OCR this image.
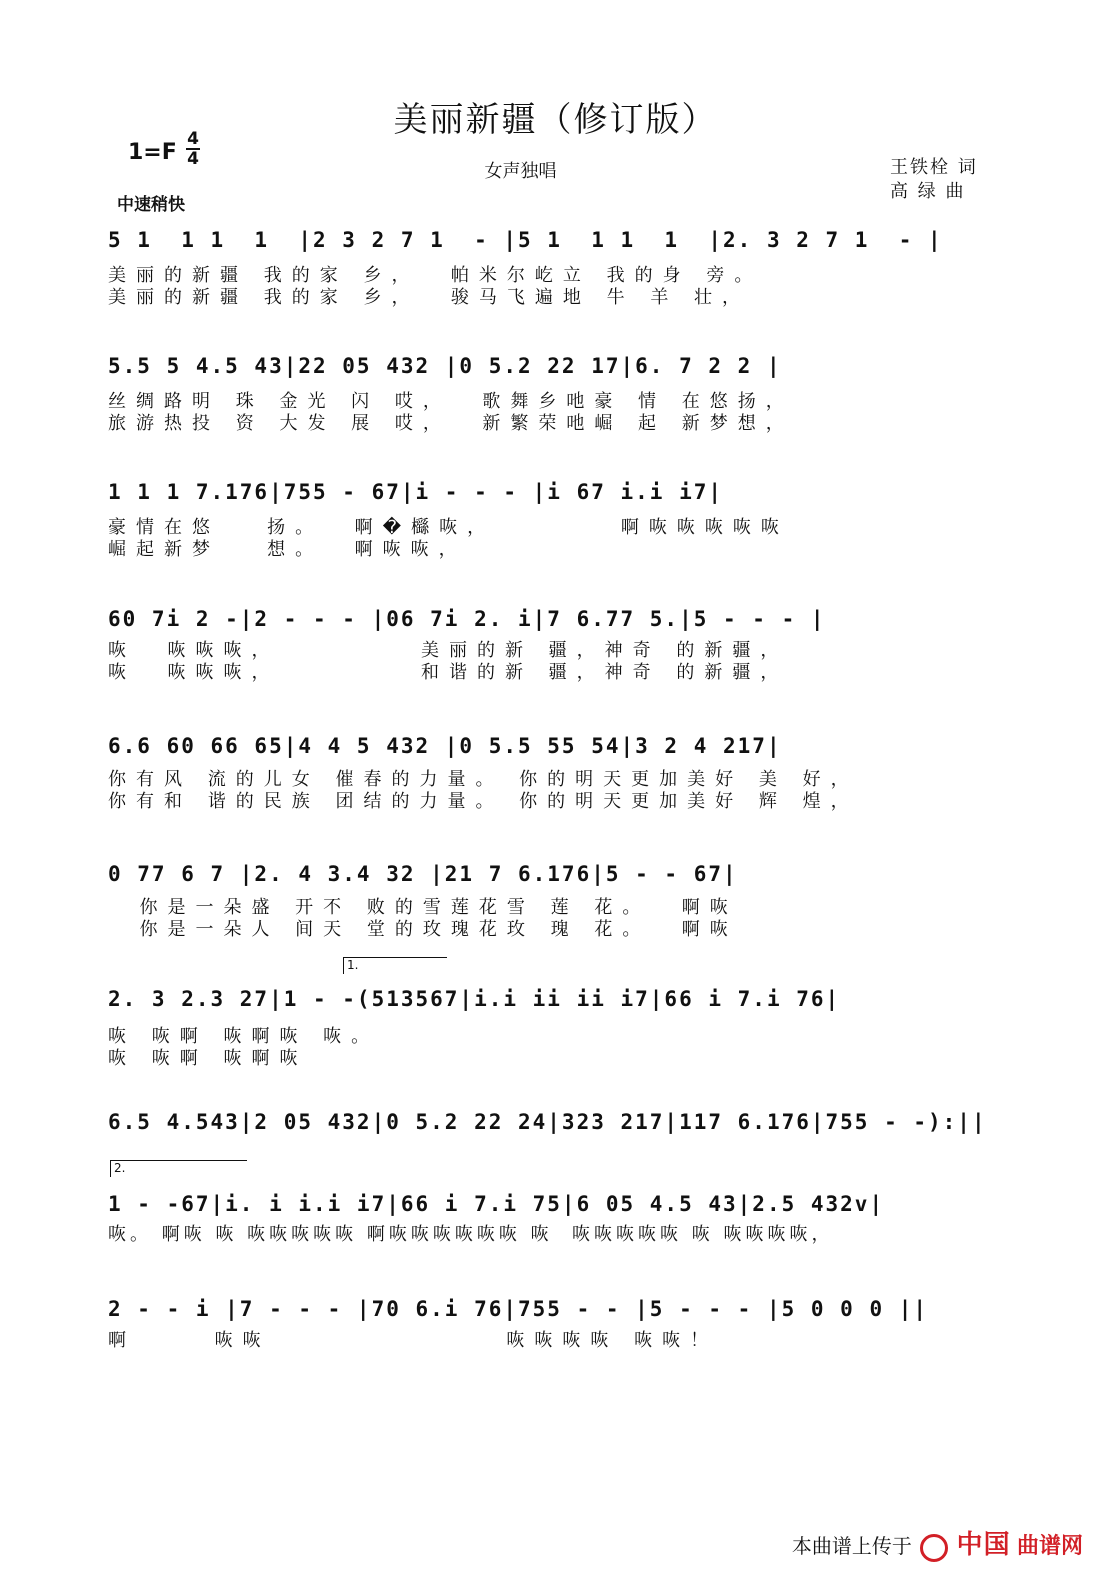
美丽新疆（修订版）
1=F
4
4
女声独唱	王铁栓 词
高 绿 曲
中速稍快
5 1  1 1  1  |2 3 2 7 1  - |5 1  1 1  1  |2. 3 2 7 1  - |
美丽的新疆 我的家 乡，  帕米尔屹立 我的身 旁。
美丽的新疆 我的家 乡，  骏马飞遍地 牛 羊 壮，
5.5 5 4.5 43|22 05 432 |0 5.2 22 17|6. 7 2 2 |
丝绸路明 珠 金光 闪 哎，  歌舞乡吔豪 情 在悠扬，
旅游热投 资 大发 展 哎，  新繁荣吔崛 起 新梦想，
1 1 1 7.176|755 - 67|i - - - |i 67 i.i i7|
豪情在悠   扬。  啊�櫾咴，        啊咴咴咴咴咴
崛起新梦   想。  啊咴咴，
60 7i 2 -|2 - - - |06 7i 2. i|7 6.77 5.|5 - - - |
咴  咴咴咴，         美丽的新 疆，神奇 的新疆，
咴  咴咴咴，         和谐的新 疆，神奇 的新疆，
6.6 60 66 65|4 4 5 432 |0 5.5 55 54|3 2 4 217|
你有风 流的儿女 催春的力量。 你的明天更加美好 美 好，
你有和 谐的民族 团结的力量。 你的明天更加美好 辉 煌，
0 77 6 7 |2. 4 3.4 32 |21 7 6.176|5 - - 67|
你是一朵盛 开不 败的雪莲花雪 莲 花。  啊咴
你是一朵人 间天 堂的玫瑰花玫 瑰 花。  啊咴
1.
2. 3 2.3 27|1 - -(513567|i.i ii ii i7|66 i 7.i 76|
咴 咴啊 咴啊咴 咴。
咴 咴啊 咴啊咴
6.5 4.543|2 05 432|0 5.2 22 24|323 217|117 6.176|755 - -):||
2.
1 - -67|i. i i.i i7|66 i 7.i 75|6 05 4.5 43|2.5 432v|
咴。 啊咴 咴 咴咴咴咴咴 啊咴咴咴咴咴咴 咴  咴咴咴咴咴 咴 咴咴咴咴，
2 - - i |7 - - - |70 6.i 76|755 - - |5 - - - |5 0 0 0 ||
啊     咴咴               咴咴咴咴 咴咴！
本曲谱上传于 中国 曲谱网
